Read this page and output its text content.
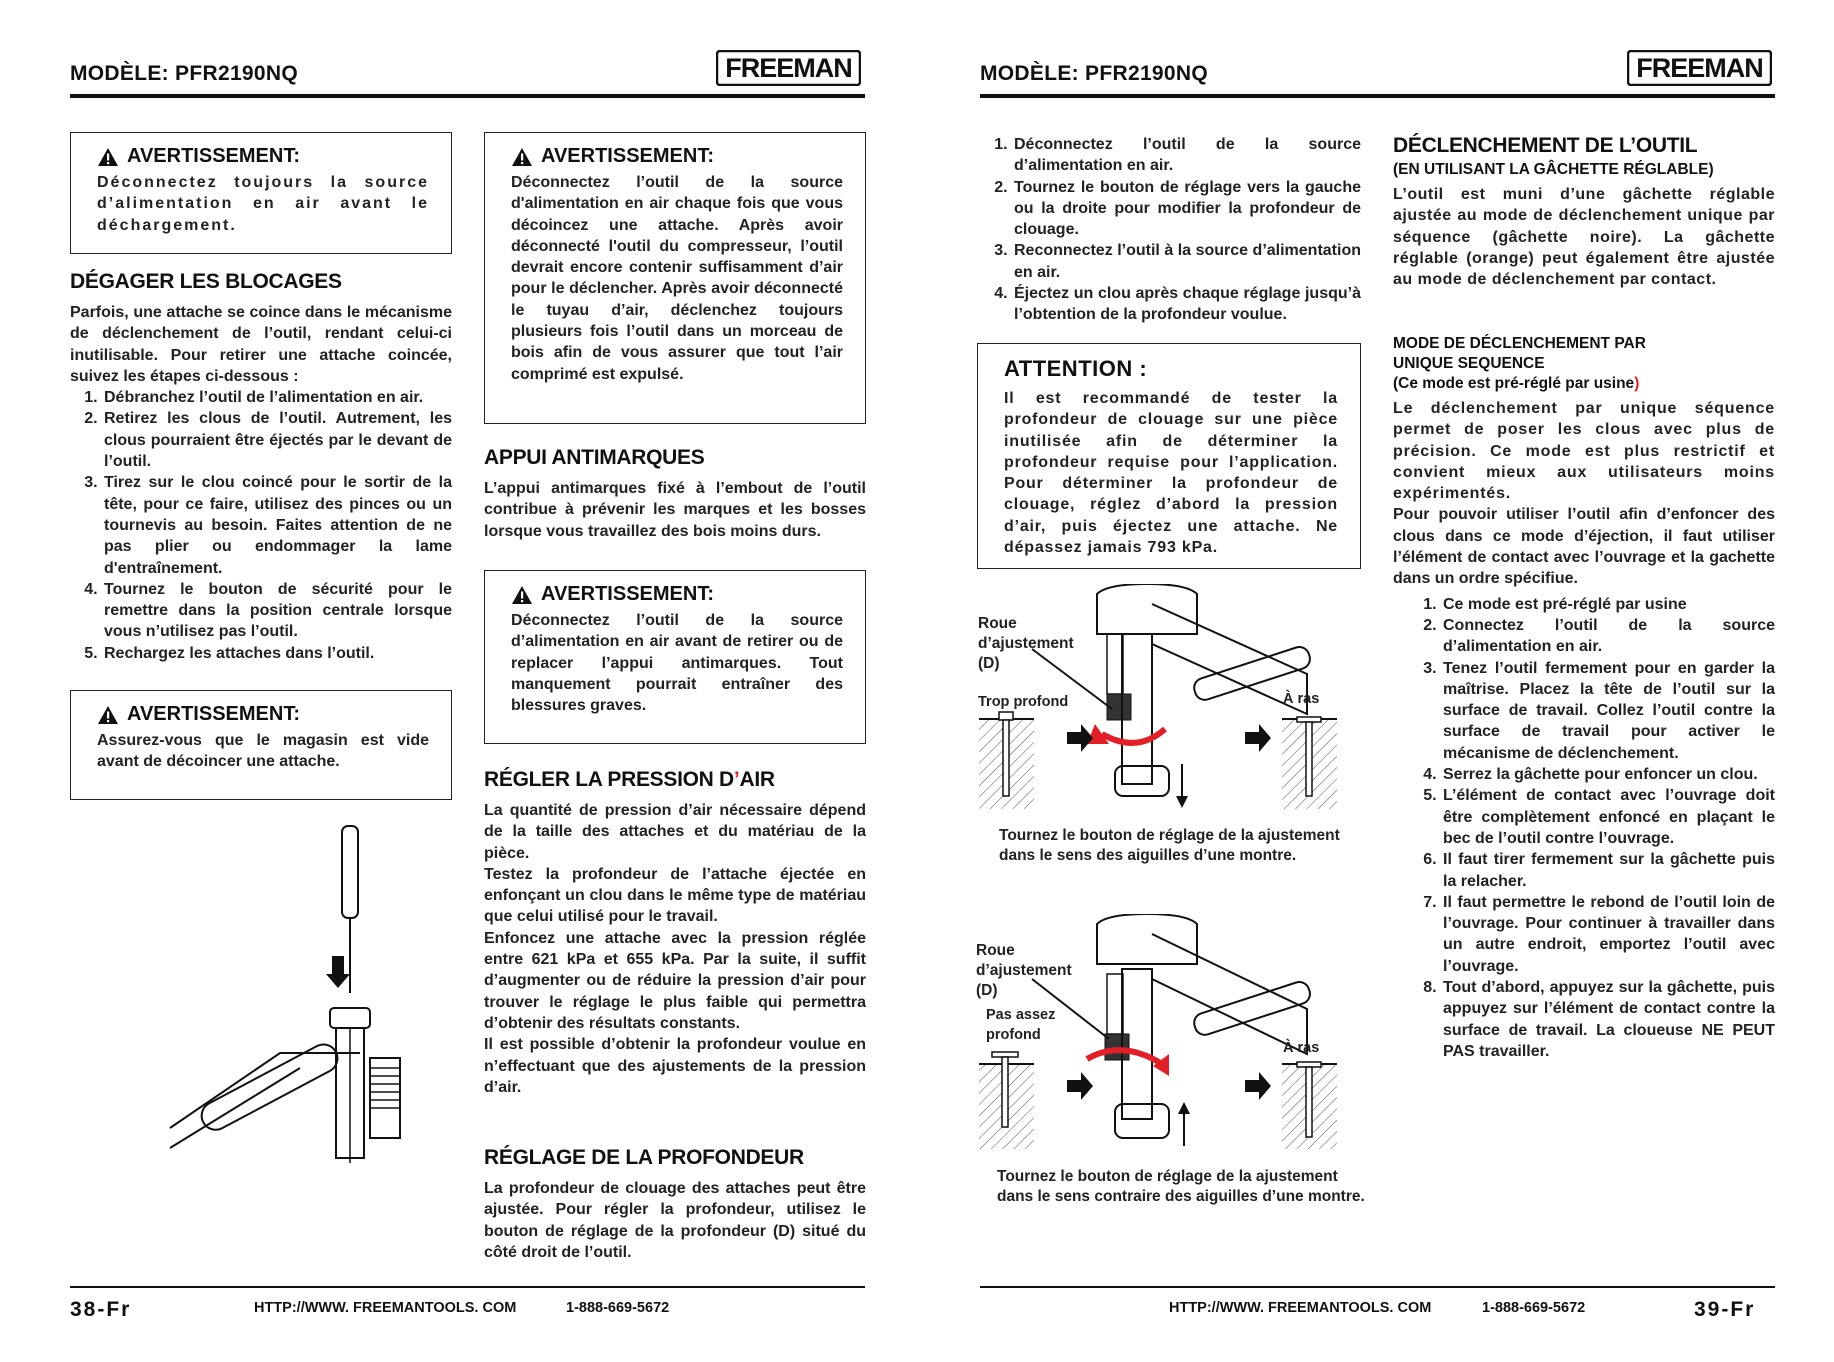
MODÈLE: PFR2190NQ	FREEMAN
AVERTISSEMENT:
Déconnectez toujours la source d’alimentation en air avant le déchargement.
DÉGAGER LES BLOCAGES
Parfois, une attache se coince dans le mécanisme de déclenchement de l’outil, rendant celui-ci inutilisable. Pour retirer une attache coincée, suivez les étapes ci-dessous :
1. Débranchez l’outil de l’alimentation en air.
2. Retirez les clous de l’outil. Autrement, les clous pourraient être éjectés par le devant de l’outil.
3. Tirez sur le clou coincé pour le sortir de la tête, pour ce faire, utilisez des pinces ou un tournevis au besoin. Faites attention de ne pas plier ou endommager la lame d'entraînement.
4. Tournez le bouton de sécurité pour le remettre dans la position centrale lorsque vous n’utilisez pas l’outil.
5. Rechargez les attaches dans l’outil.
AVERTISSEMENT:
Assurez-vous que le magasin est vide avant de décoincer une attache.
AVERTISSEMENT:
Déconnectez l’outil de la source d'alimentation en air chaque fois que vous décoincez une attache. Après avoir déconnecté l'outil du compresseur, l’outil devrait encore contenir suffisamment d’air pour le déclencher. Après avoir déconnecté le tuyau d’air, déclenchez toujours plusieurs fois l’outil dans un morceau de bois afin de vous assurer que tout l’air comprimé est expulsé.
APPUI ANTIMARQUES
L’appui antimarques fixé à l’embout de l’outil contribue à prévenir les marques et les bosses lorsque vous travaillez des bois moins durs.
AVERTISSEMENT:
Déconnectez l’outil de la source d’alimentation en air avant de retirer ou de replacer l’appui antimarques. Tout manquement pourrait entraîner des blessures graves.
RÉGLER LA PRESSION D’AIR
La quantité de pression d’air nécessaire dépend de la taille des attaches et du matériau de la pièce.
Testez la profondeur de l’attache éjectée en enfonçant un clou dans le même type de matériau que celui utilisé pour le travail.
Enfoncez une attache avec la pression réglée entre 621 kPa et 655 kPa. Par la suite, il suffit d’augmenter ou de réduire la pression d’air pour trouver le réglage le plus faible qui permettra d’obtenir des résultats constants.
Il est possible d’obtenir la profondeur voulue en n’effectuant que des ajustements de la pression d’air.
RÉGLAGE DE LA PROFONDEUR
La profondeur de clouage des attaches peut être ajustée. Pour régler la profondeur, utilisez le bouton de réglage de la profondeur (D) situé du côté droit de l’outil.
38-Fr	HTTP://WWW. FREEMANTOOLS. COM	1-888-669-5672
MODÈLE: PFR2190NQ	FREEMAN
1. Déconnectez l’outil de la source d’alimentation en air.
2. Tournez le bouton de réglage vers la gauche ou la droite pour modifier la profondeur de clouage.
3. Reconnectez l’outil à la source d’alimentation en air.
4. Éjectez un clou après chaque réglage jusqu’à l’obtention de la profondeur voulue.
ATTENTION :
Il est recommandé de tester la profondeur de clouage sur une pièce inutilisée afin de déterminer la profondeur requise pour l’application. Pour déterminer la profondeur de clouage, réglez d’abord la pression d’air, puis éjectez une attache. Ne dépassez jamais 793 kPa.
Roue
d’ajustement
(D)
Trop profond	À ras
Tournez le bouton de réglage de la ajustement
dans le sens des aiguilles d’une montre.
Roue
d’ajustement
(D)
Pas assez
profond
À ras
Tournez le bouton de réglage de la ajustement
dans le sens contraire des aiguilles d’une montre.
DÉCLENCHEMENT DE L’OUTIL
(EN UTILISANT LA GÂCHETTE RÉGLABLE)
L’outil est muni d’une gâchette réglable ajustée au mode de déclenchement unique par séquence (gâchette noire). La gâchette réglable (orange) peut également être ajustée au mode de déclenchement par contact.
MODE DE DÉCLENCHEMENT PAR
UNIQUE SEQUENCE
(Ce mode est pré-réglé par usine)
Le déclenchement par unique séquence permet de poser les clous avec plus de précision. Ce mode est plus restrictif et convient mieux aux utilisateurs moins expérimentés.
Pour pouvoir utiliser l’outil afin d’enfoncer des clous dans ce mode d’éjection, il faut utiliser l’élément de contact avec l’ouvrage et la gachette dans un ordre spécifiue.
1. Ce mode est pré-réglé par usine
2. Connectez l’outil de la source d’alimentation en air.
3. Tenez l’outil fermement pour en garder la maîtrise. Placez la tête de l’outil sur la surface de travail. Collez l’outil contre la surface de travail pour activer le mécanisme de déclenchement.
4. Serrez la gâchette pour enfoncer un clou.
5. L’élément de contact avec l’ouvrage doit être complètement enfoncé en plaçant le bec de l’outil contre l’ouvrage.
6. Il faut tirer fermement sur la gâchette puis la relacher.
7. Il faut permettre le rebond de l’outil loin de l’ouvrage. Pour continuer à travailler dans un autre endroit, emportez l’outil avec l’ouvrage.
8. Tout d’abord, appuyez sur la gâchette, puis appuyez sur l’élément de contact contre la surface de travail. La cloueuse NE PEUT PAS travailler.
HTTP://WWW. FREEMANTOOLS. COM	1-888-669-5672	39-Fr
